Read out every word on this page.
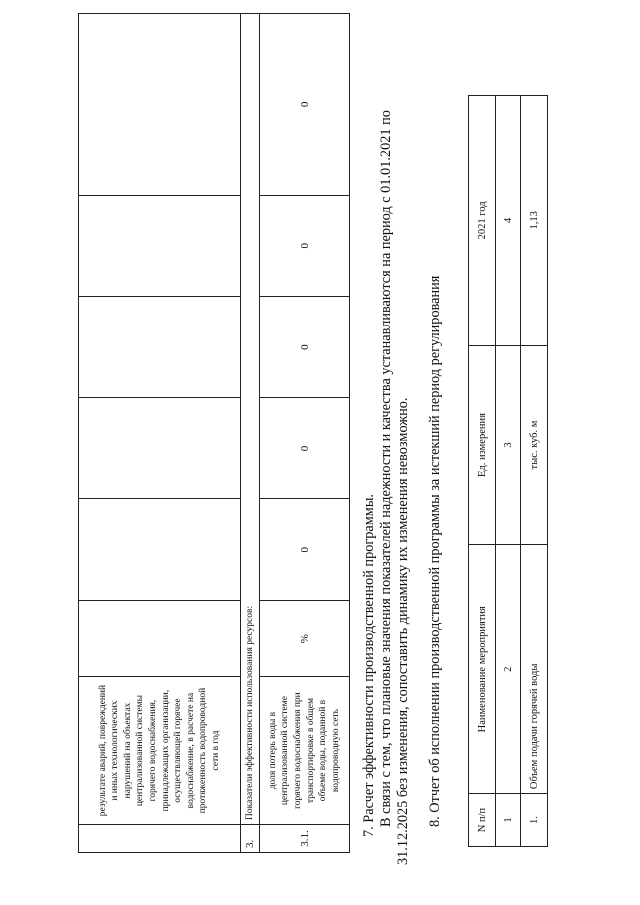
	результате аварий, повреждений и иных технологических нарушений на объектах централизованной системы горячего водоснабжения, принадлежащих организации, осуществляющей горячее водоснабжение, в расчете на протяженность водопроводной сети в год						
3.	Показатели эффективности использования ресурсов:						
3.1.	доля потерь воды в централизованной системе горячего водоснабжения при транспортировке в общем объеме воды, поданной в водопроводную сеть	%	0	0	0	0	0
7. Расчет эффективности производственной программы. В связи с тем, что плановые значения показателей надежности и качества устанавливаются на период с 01.01.2021 по 31.12.2025 без изменения, сопоставить динамику их изменения невозможно. 8. Отчет об исполнении производственной программы за истекший период регулирования	N п/п	Наименование мероприятия	Ед. измерения	2021 год
1	2	3	4
1.	Объем подачи горячей воды	тыс. куб. м	1,13
